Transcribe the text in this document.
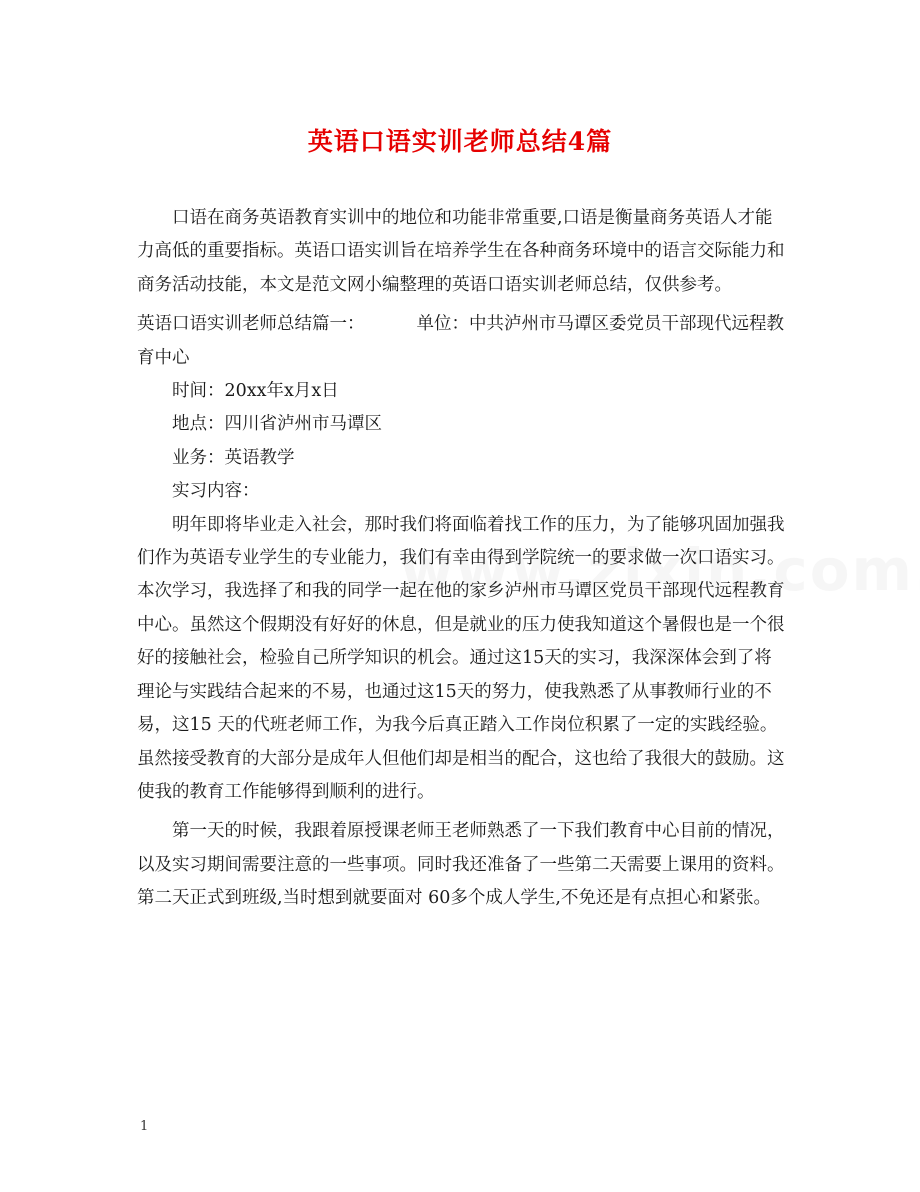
英语口语实训老师总结4篇

口语在商务英语教育实训中的地位和功能非常重要,口语是衡量商务英语人才能力高低的重要指标。英语口语实训旨在培养学生在各种商务环境中的语言交际能力和商务活动技能，本文是范文网小编整理的英语口语实训老师总结，仅供参考。

英语口语实训老师总结篇一：	单位：中共泸州市马谭区委党员干部现代远程教育中心

时间：20xx年x月x日

地点：四川省泸州市马谭区

业务：英语教学

实习内容：

明年即将毕业走入社会，那时我们将面临着找工作的压力，为了能够巩固加强我们作为英语专业学生的专业能力，我们有幸由得到学院统一的要求做一次口语实习。本次学习，我选择了和我的同学一起在他的家乡泸州市马谭区党员干部现代远程教育中心。虽然这个假期没有好好的休息，但是就业的压力使我知道这个暑假也是一个很好的接触社会，检验自己所学知识的机会。通过这15天的实习，我深深体会到了将理论与实践结合起来的不易，也通过这15天的努力，使我熟悉了从事教师行业的不易，这15 天的代班老师工作，为我今后真正踏入工作岗位积累了一定的实践经验。虽然接受教育的大部分是成年人但他们却是相当的配合，这也给了我很大的鼓励。这使我的教育工作能够得到顺利的进行。

第一天的时候，我跟着原授课老师王老师熟悉了一下我们教育中心目前的情况，以及实习期间需要注意的一些事项。同时我还准备了一些第二天需要上课用的资料。第二天正式到班级,当时想到就要面对 60多个成人学生,不免还是有点担心和紧张。

1
